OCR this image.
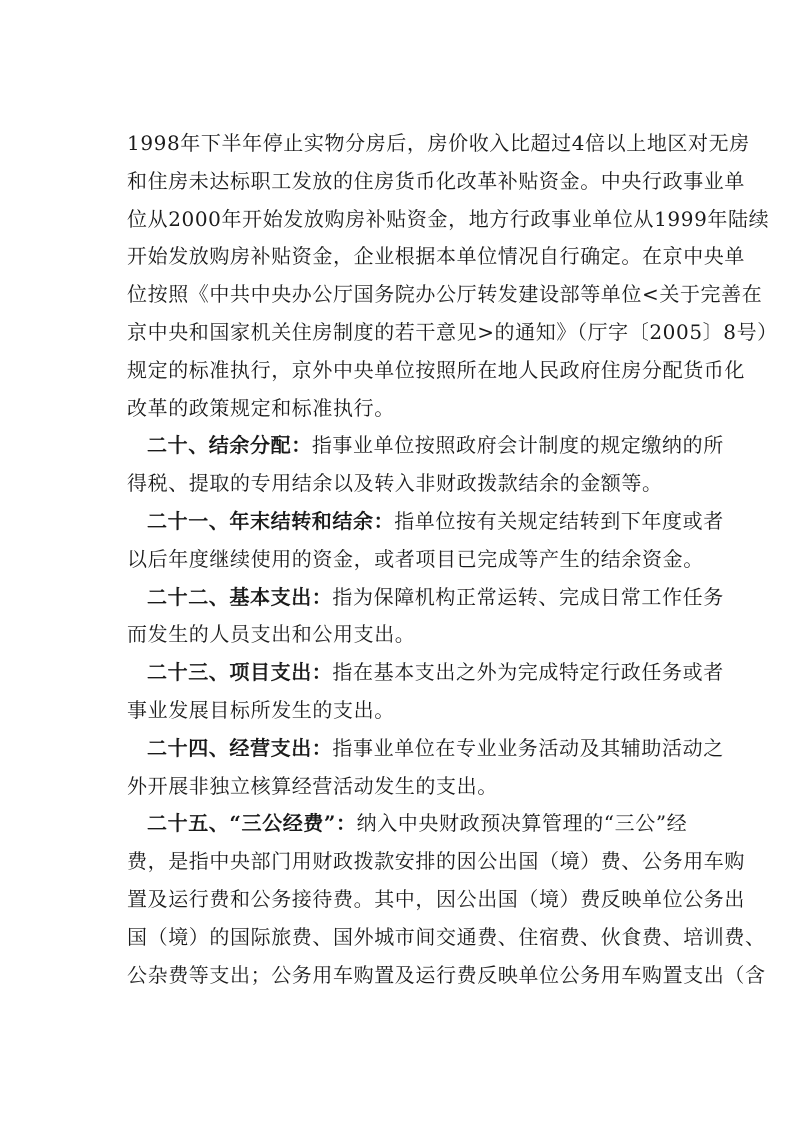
1998年下半年停止实物分房后，房价收入比超过4倍以上地区对无房
和住房未达标职工发放的住房货币化改革补贴资金。中央行政事业单
位从2000年开始发放购房补贴资金，地方行政事业单位从1999年陆续
开始发放购房补贴资金，企业根据本单位情况自行确定。在京中央单
位按照《中共中央办公厅国务院办公厅转发建设部等单位<关于完善在
京中央和国家机关住房制度的若干意见>的通知》（厅字〔2005〕8号）
规定的标准执行，京外中央单位按照所在地人民政府住房分配货币化
改革的政策规定和标准执行。
二十、结余分配：指事业单位按照政府会计制度的规定缴纳的所
得税、提取的专用结余以及转入非财政拨款结余的金额等。
二十一、年末结转和结余：指单位按有关规定结转到下年度或者
以后年度继续使用的资金，或者项目已完成等产生的结余资金。
二十二、基本支出：指为保障机构正常运转、完成日常工作任务
而发生的人员支出和公用支出。
二十三、项目支出：指在基本支出之外为完成特定行政任务或者
事业发展目标所发生的支出。
二十四、经营支出：指事业单位在专业业务活动及其辅助活动之
外开展非独立核算经营活动发生的支出。
二十五、“三公经费”：纳入中央财政预决算管理的“三公”经
费，是指中央部门用财政拨款安排的因公出国（境）费、公务用车购
置及运行费和公务接待费。其中，因公出国（境）费反映单位公务出
国（境）的国际旅费、国外城市间交通费、住宿费、伙食费、培训费、
公杂费等支出；公务用车购置及运行费反映单位公务用车购置支出（含
